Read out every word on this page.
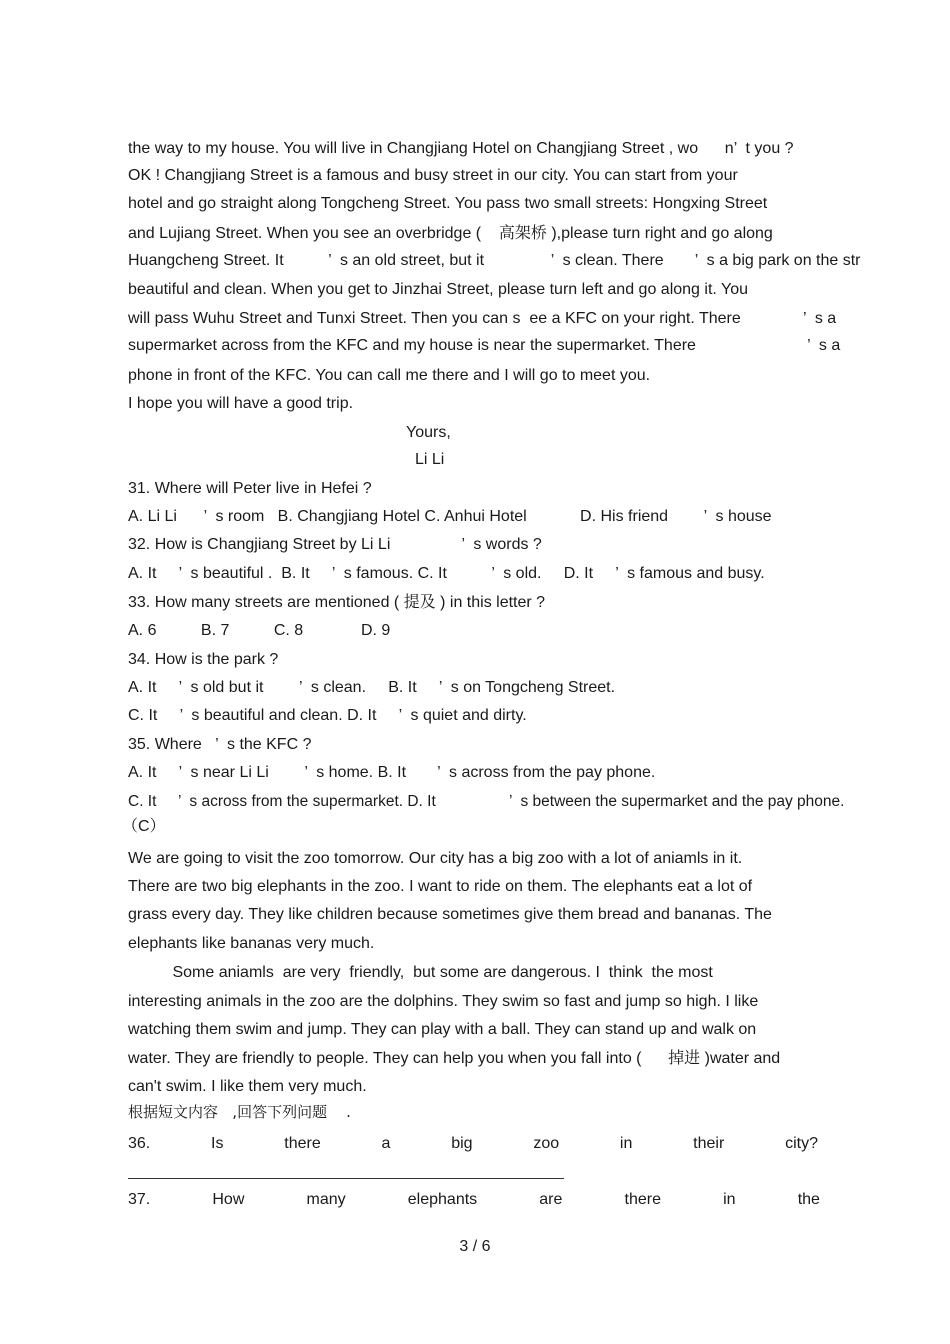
the way to my house. You will live in Changjiang Hotel on Changjiang Street , wo      n’  t you ?
OK ! Changjiang Street is a famous and busy street in our city. You can start from your
hotel and go straight along Tongcheng Street. You pass two small streets: Hongxing Street
and Lujiang Street. When you see an overbridge (    高架桥 ),please turn right and go along
Huangcheng Street. It          ’  s an old street, but it               ’  s clean. There       ’  s a big park on the str
beautiful and clean. When you get to Jinzhai Street, please turn left and go along it. You
will pass Wuhu Street and Tunxi Street. Then you can s  ee a KFC on your right. There              ’  s a
supermarket across from the KFC and my house is near the supermarket. There                         ’  s a
phone in front of the KFC. You can call me there and I will go to meet you.
I hope you will have a good trip.
Yours,
Li Li
31. Where will Peter live in Hefei ?
A. Li Li      ’  s room   B. Changjiang Hotel C. Anhui Hotel            D. His friend        ’  s house
32. How is Changjiang Street by Li Li                ’  s words ?
A. It     ’  s beautiful .  B. It     ’  s famous. C. It          ’  s old.     D. It     ’  s famous and busy.
33. How many streets are mentioned ( 提及 ) in this letter ?
A. 6          B. 7          C. 8             D. 9
34. How is the park ?
A. It     ’  s old but it        ’  s clean.     B. It     ’  s on Tongcheng Street.
C. It     ’  s beautiful and clean. D. It     ’  s quiet and dirty.
35. Where   ’  s the KFC ?
A. It     ’  s near Li Li        ’  s home. B. It       ’  s across from the pay phone.
C. It     ’  s across from the supermarket. D. It                 ’  s between the supermarket and the pay phone.
（C）
We are going to visit the zoo tomorrow. Our city has a big zoo with a lot of aniamls in it.
There are two big elephants in the zoo. I want to ride on them. The elephants eat a lot of
grass every day. They like children because sometimes give them bread and bananas. The
elephants like bananas very much.
Some aniamls  are very  friendly,  but some are dangerous. I  think  the most
interesting animals in the zoo are the dolphins. They swim so fast and jump so high. I like
watching them swim and jump. They can play with a ball. They can stand up and walk on
water. They are friendly to people. They can help you when you fall into (      掉进 )water and
can't swim. I like them very much.
根据短文内容   ,回答下列问题    .
36.	Is	there	a	big	zoo	in	their	city?
37.	How	many	elephants	are	there	in	the
3 / 6
